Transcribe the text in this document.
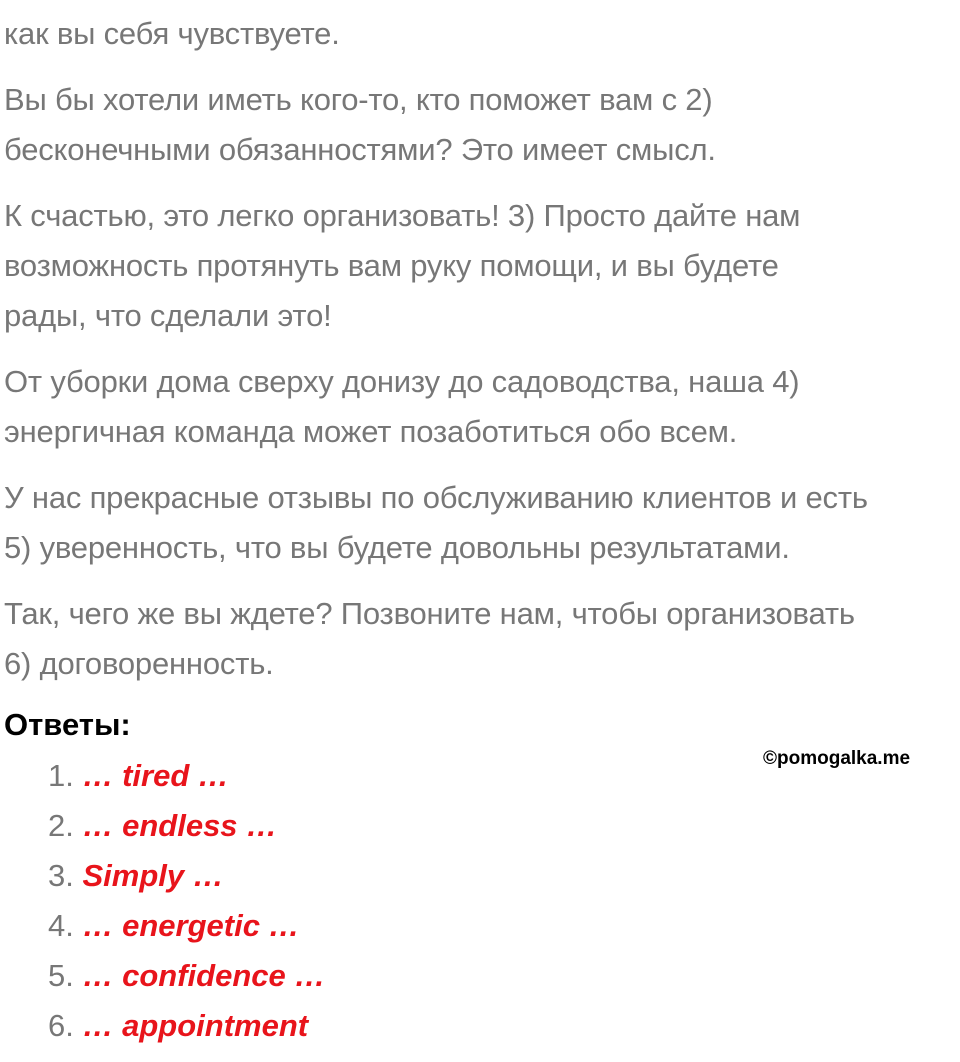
как вы себя чувствуете.

Вы бы хотели иметь кого-то, кто поможет вам с 2)
бесконечными обязанностями? Это имеет смысл.

К счастью, это легко организовать! 3) Просто дайте нам
возможность протянуть вам руку помощи, и вы будете
рады, что сделали это!

От уборки дома сверху донизу до садоводства, наша 4)
энергичная команда может позаботиться обо всем.

У нас прекрасные отзывы по обслуживанию клиентов и есть
5) уверенность, что вы будете довольны результатами.

Так, чего же вы ждете? Позвоните нам, чтобы организовать
6) договоренность.

Ответы:
1. … tired …
2. … endless …
3. Simply …
4. … energetic …
5. … confidence …
6. … appointment
©pomogalka.me
